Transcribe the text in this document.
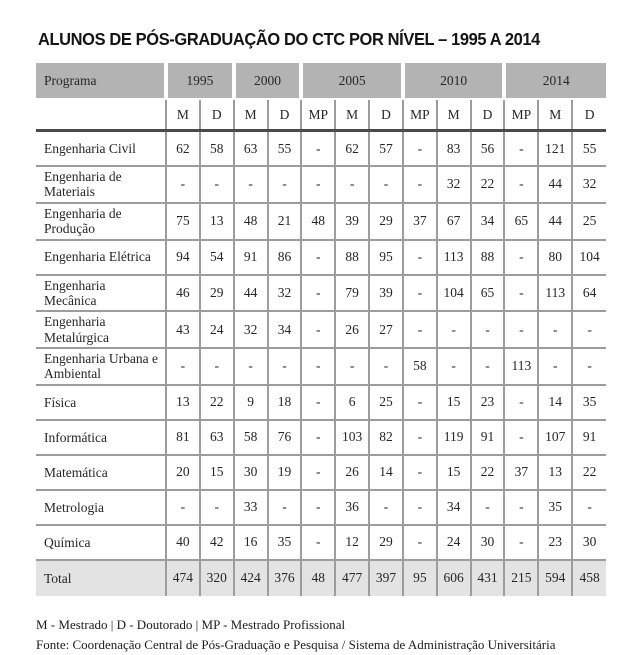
ALUNOS DE PÓS-GRADUAÇÃO DO CTC POR NÍVEL – 1995 A 2014
Programa	1995		2000		2005			2010			2014		
	M	D	M	D	MP	M	D	MP	M	D	MP	M	D
Engenharia Civil	62	58	63	55	-	62	57	-	83	56	-	121	55
Engenharia de Materiais	-	-	-	-	-	-	-	-	32	22	-	44	32
Engenharia de Produção	75	13	48	21	48	39	29	37	67	34	65	44	25
Engenharia Elétrica	94	54	91	86	-	88	95	-	113	88	-	80	104
Engenharia Mecânica	46	29	44	32	-	79	39	-	104	65	-	113	64
Engenharia Metalúrgica	43	24	32	34	-	26	27	-	-	-	-	-	-
Engenharia Urbana e Ambiental	-	-	-	-	-	-	-	58	-	-	113	-	-
Física	13	22	9	18	-	6	25	-	15	23	-	14	35
Informática	81	63	58	76	-	103	82	-	119	91	-	107	91
Matemática	20	15	30	19	-	26	14	-	15	22	37	13	22
Metrologia	-	-	33	-	-	36	-	-	34	-	-	35	-
Química	40	42	16	35	-	12	29	-	24	30	-	23	30
Total	474	320	424	376	48	477	397	95	606	431	215	594	458
M - Mestrado | D - Doutorado | MP - Mestrado Profissional
Fonte: Coordenação Central de Pós-Graduação e Pesquisa / Sistema de Administração Universitária
